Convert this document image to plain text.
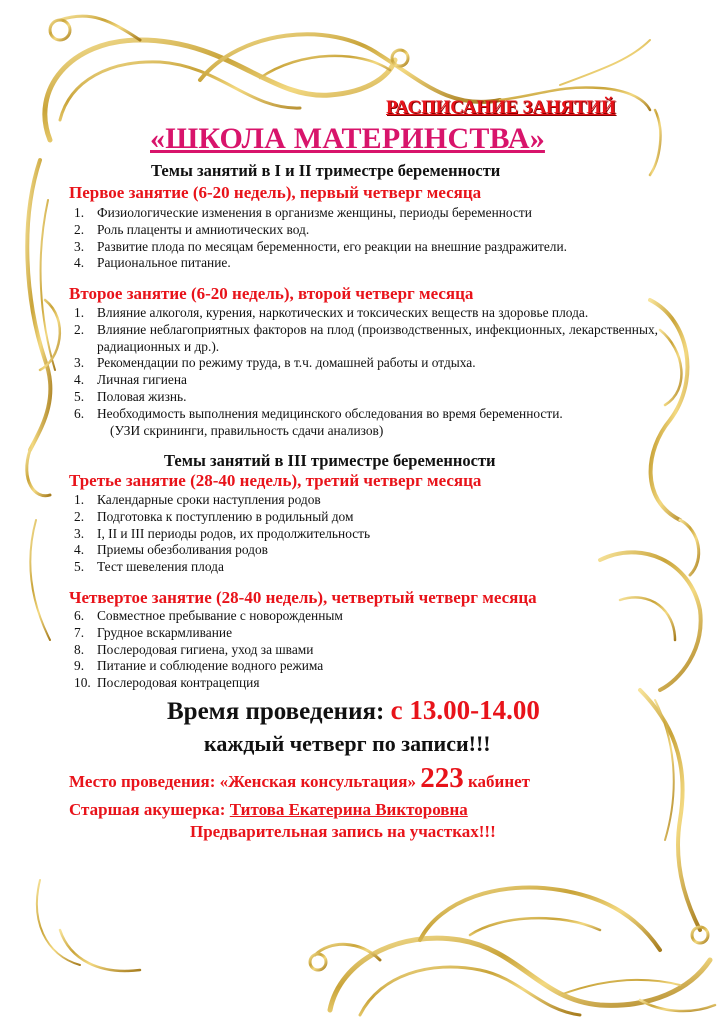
РАСПИСАНИЕ ЗАНЯТИЙ
«ШКОЛА МАТЕРИНСТВА»
Темы занятий в I и II триместре беременности
Первое занятие (6-20 недель), первый четверг месяца
1. Физиологические изменения в организме женщины, периоды беременности
2. Роль плаценты и амниотических вод.
3. Развитие плода по месяцам беременности, его реакции на внешние раздражители.
4. Рациональное питание.
Второе занятие (6-20 недель), второй четверг месяца
1. Влияние алкоголя, курения, наркотических и токсических веществ на здоровье плода.
2. Влияние неблагоприятных факторов на плод (производственных, инфекционных, лекарственных, радиационных и др.).
3. Рекомендации по режиму труда, в т.ч. домашней работы и отдыха.
4. Личная гигиена
5. Половая жизнь.
6. Необходимость выполнения медицинского обследования во время беременности.
(УЗИ скрининги, правильность сдачи анализов)
Темы занятий в III триместре беременности
Третье занятие (28-40 недель), третий четверг месяца
1. Календарные сроки наступления родов
2. Подготовка к поступлению в родильный дом
3. I, II и III периоды родов, их продолжительность
4. Приемы обезболивания родов
5. Тест шевеления плода
Четвертое занятие (28-40 недель), четвертый четверг месяца
6. Совместное пребывание с новорожденным
7. Грудное вскармливание
8. Послеродовая гигиена, уход за швами
9. Питание и соблюдение водного режима
10. Послеродовая контрацепция
Время проведения: с 13.00-14.00
каждый четверг по записи!!!
Место проведения: «Женская консультация» 223 кабинет
Старшая акушерка: Титова Екатерина Викторовна
Предварительная запись на участках!!!
